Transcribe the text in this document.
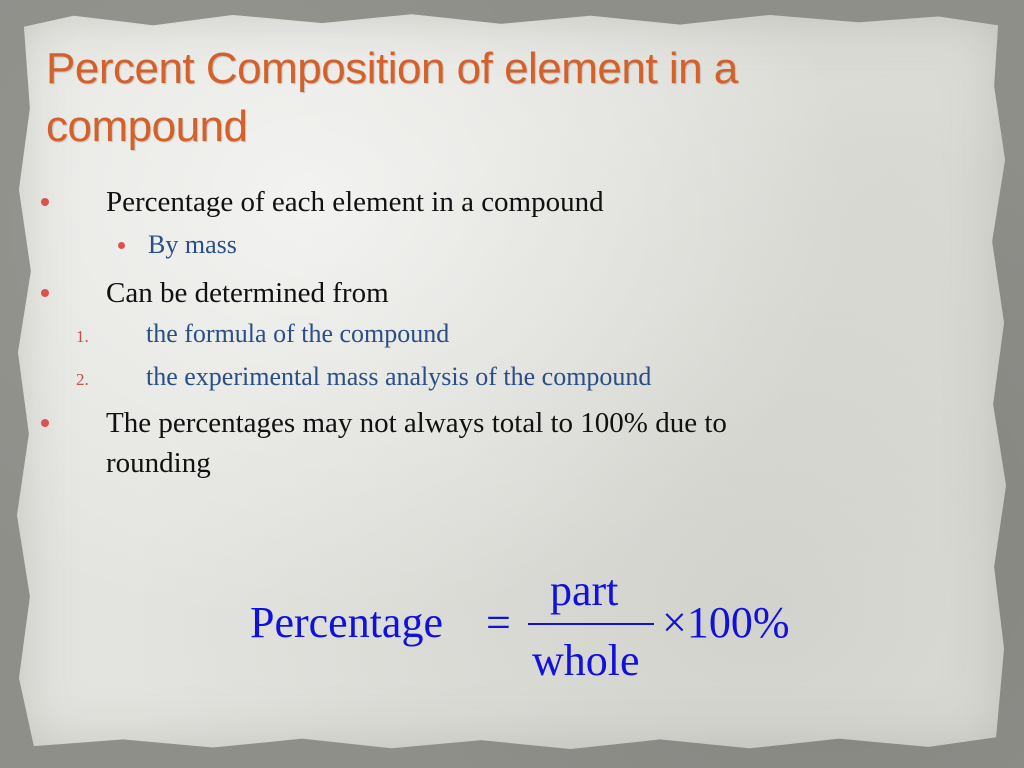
Percent Composition of element in a compound
Percentage of each element in a compound
By mass
Can be determined from
1. the formula of the compound
2. the experimental mass analysis of the compound
The percentages may not always total to 100% due to
rounding
Percentage =
part
whole
×100%
